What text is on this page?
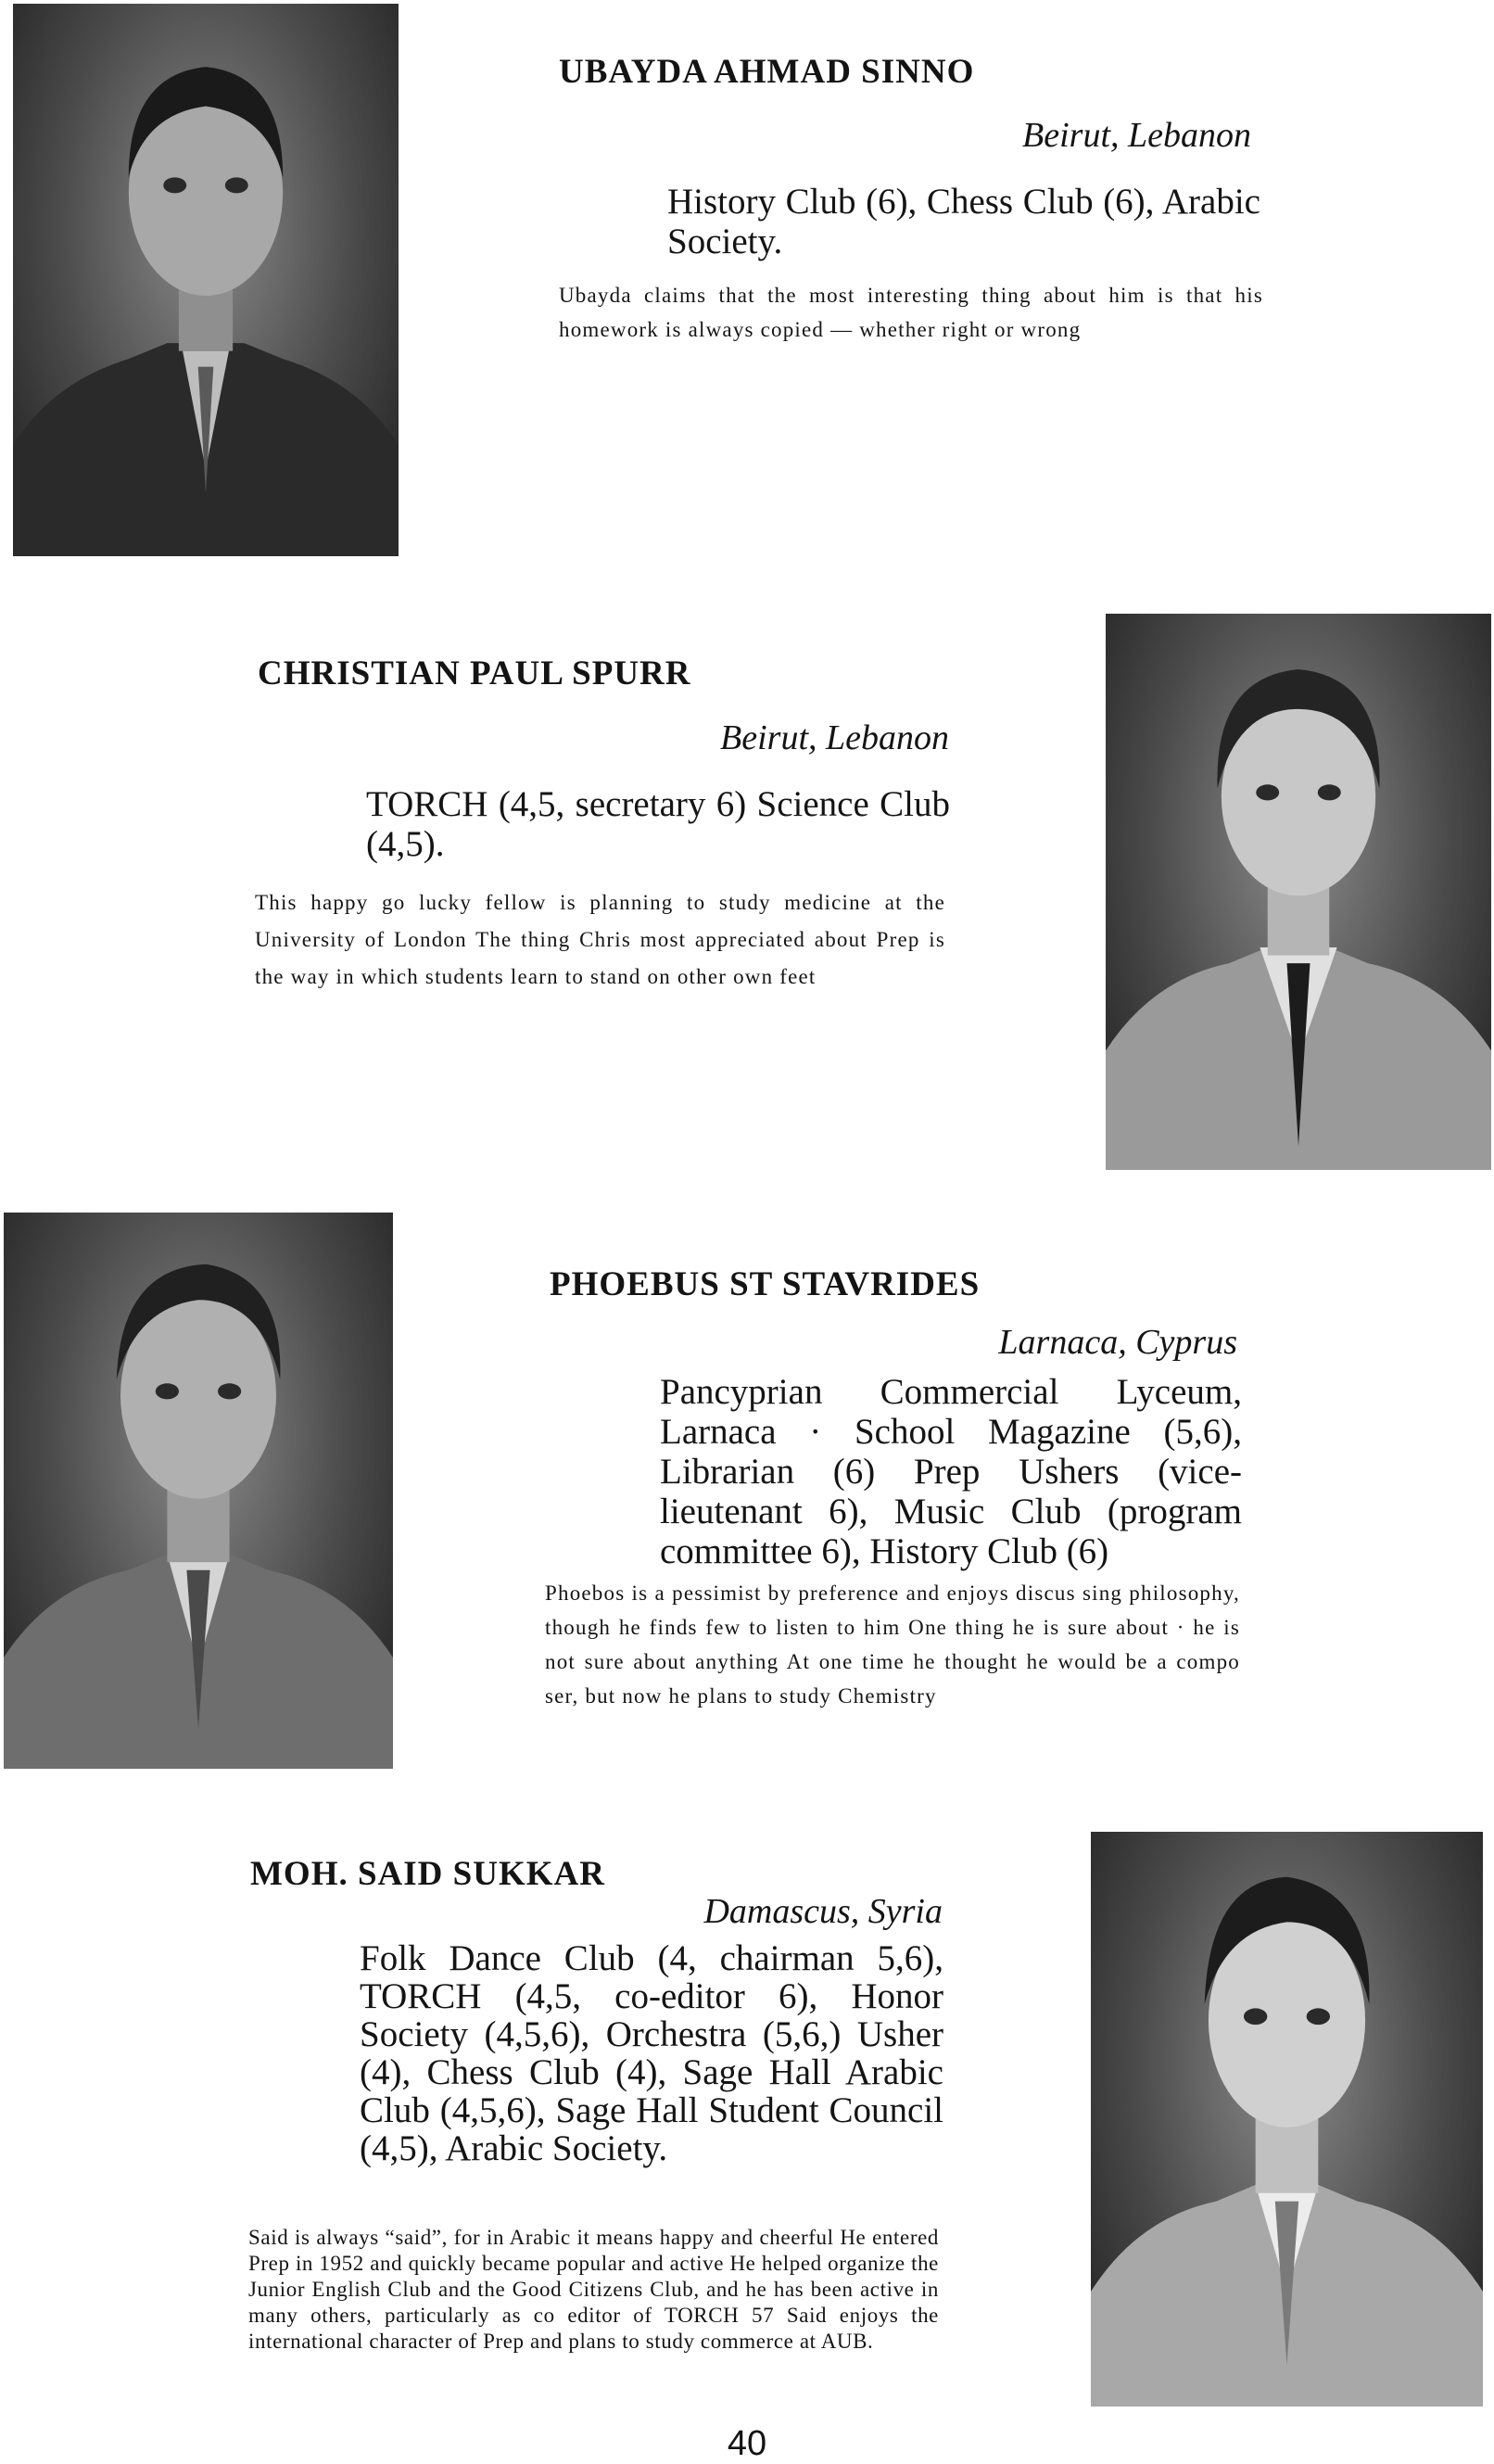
UBAYDA AHMAD SINNO
Beirut, Lebanon
History Club (6), Chess Club (6), Arabic Society.
Ubayda claims that the most interesting thing about him is that his homework is always copied — whether right or wrong
CHRISTIAN PAUL SPURR
Beirut, Lebanon
TORCH (4,5, secretary 6) Science Club (4,5).
This happy go lucky fellow is planning to study medicine at the University of London The thing Chris most appreciated about Prep is the way in which students learn to stand on other own feet
PHOEBUS ST STAVRIDES
Larnaca, Cyprus
Pancyprian Commercial Lyceum, Larnaca · School Magazine (5,6), Librarian (6) Prep Ushers (vice-lieutenant 6), Music Club (program committee 6), History Club (6)
Phoebos is a pessimist by preference and enjoys discus sing philosophy, though he finds few to listen to him One thing he is sure about · he is not sure about anything At one time he thought he would be a compo ser, but now he plans to study Chemistry
MOH. SAID SUKKAR
Damascus, Syria
Folk Dance Club (4, chairman 5,6), TORCH (4,5, co-editor 6), Honor Society (4,5,6), Orchestra (5,6,) Usher (4), Chess Club (4), Sage Hall Arabic Club (4,5,6), Sage Hall Student Council (4,5), Arabic Society.
Said is always “said”, for in Arabic it means happy and cheerful He entered Prep in 1952 and quickly became popular and active He helped organize the Junior English Club and the Good Citizens Club, and he has been active in many others, particularly as co editor of TORCH 57 Said enjoys the international character of Prep and plans to study commerce at AUB.
40
